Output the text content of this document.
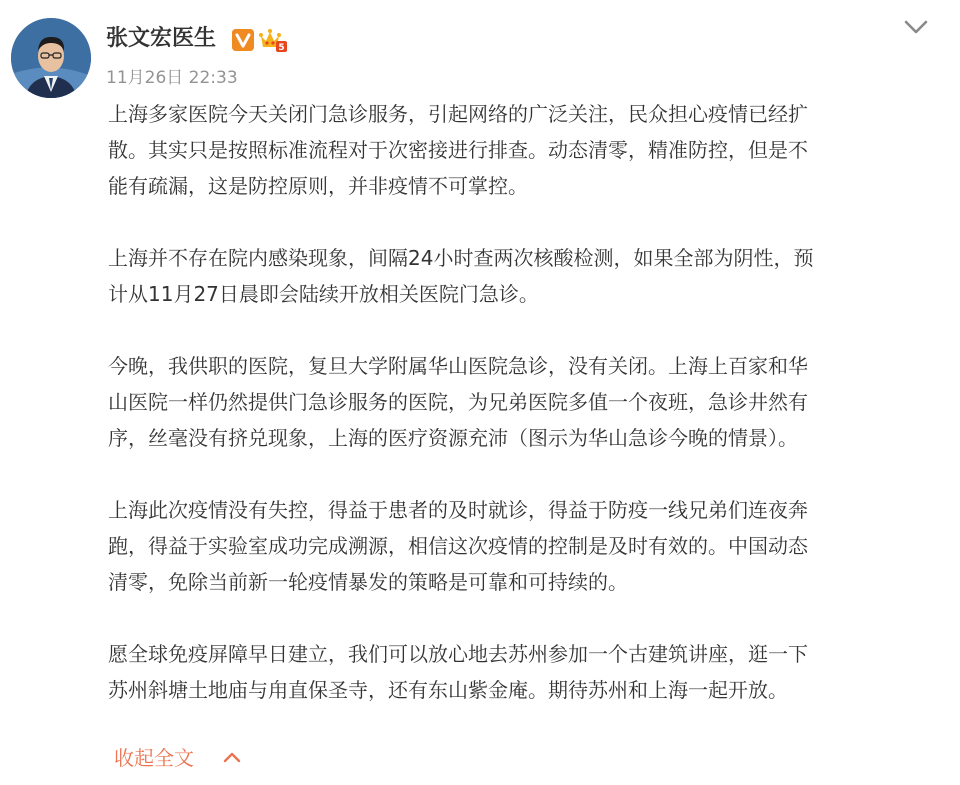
张文宏医生	5
11月26日 22:33

上海多家医院今天关闭门急诊服务，引起网络的广泛关注，民众担心疫情已经扩
散。其实只是按照标准流程对于次密接进行排查。动态清零，精准防控，但是不
能有疏漏，这是防控原则，并非疫情不可掌控。

上海并不存在院内感染现象，间隔24小时查两次核酸检测，如果全部为阴性，预
计从11月27日晨即会陆续开放相关医院门急诊。

今晚，我供职的医院，复旦大学附属华山医院急诊，没有关闭。上海上百家和华
山医院一样仍然提供门急诊服务的医院，为兄弟医院多值一个夜班，急诊井然有
序，丝毫没有挤兑现象，上海的医疗资源充沛（图示为华山急诊今晚的情景）。

上海此次疫情没有失控，得益于患者的及时就诊，得益于防疫一线兄弟们连夜奔
跑，得益于实验室成功完成溯源，相信这次疫情的控制是及时有效的。中国动态
清零，免除当前新一轮疫情暴发的策略是可靠和可持续的。

愿全球免疫屏障早日建立，我们可以放心地去苏州参加一个古建筑讲座，逛一下
苏州斜塘土地庙与甪直保圣寺，还有东山紫金庵。期待苏州和上海一起开放。

收起全文
